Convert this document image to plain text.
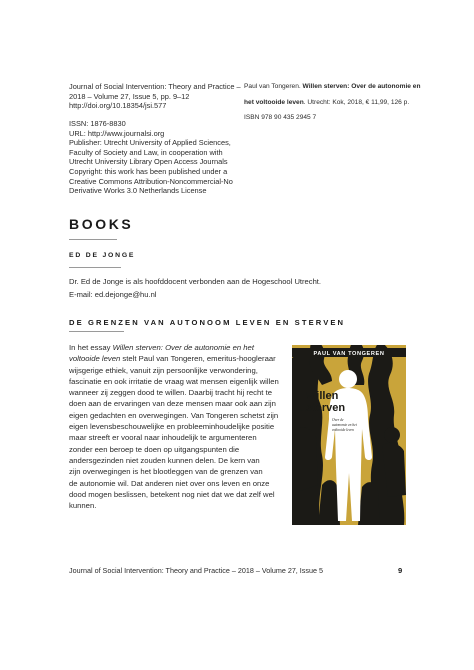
Journal of Social Intervention: Theory and Practice –
2018 – Volume 27, Issue 5, pp. 9–12
http://doi.org/10.18354/jsi.577
ISSN: 1876-8830
URL: http://www.journalsi.org
Publisher: Utrecht University of Applied Sciences,
Faculty of Society and Law, in cooperation with
Utrecht University Library Open Access Journals
Copyright: this work has been published under a
Creative Commons Attribution-Noncommercial-No
Derivative Works 3.0 Netherlands License
Paul van Tongeren. Willen sterven: Over de autonomie en
het voltooide leven. Utrecht: Kok, 2018, € 11,99, 126 p.
ISBN 978 90 435 2945 7
BOOKS
ED DE JONGE
Dr. Ed de Jonge is als hoofddocent verbonden aan de Hogeschool Utrecht.
E-mail: ed.dejonge@hu.nl
DE GRENZEN VAN AUTONOOM LEVEN EN STERVEN
In het essay Willen sterven: Over de autonomie en het
voltooide leven stelt Paul van Tongeren, emeritus-hoogleraar
wijsgerige ethiek, vanuit zijn persoonlijke verwondering,
fascinatie en ook irritatie de vraag wat mensen eigenlijk willen
wanneer zij zeggen dood te willen. Daarbij tracht hij recht te
doen aan de ervaringen van deze mensen maar ook aan zijn
eigen gedachten en overwegingen. Van Tongeren schetst zijn
eigen levensbeschouwelijke en probleeminhoudelijke positie
maar streeft er vooral naar inhoudelijk te argumenteren
zonder een beroep te doen op uitgangspunten die
andersgezinden niet zouden kunnen delen. De kern van
zijn overwegingen is het blootleggen van de grenzen van
de autonomie wil. Dat anderen niet over ons leven en onze
dood mogen beslissen, betekent nog niet dat we dat zelf wel
kunnen.
PAUL VAN TONGEREN
Willen
sterven
Over de
autonomie en het
voltooide leven
Journal of Social Intervention: Theory and Practice – 2018 – Volume 27, Issue 5	9
